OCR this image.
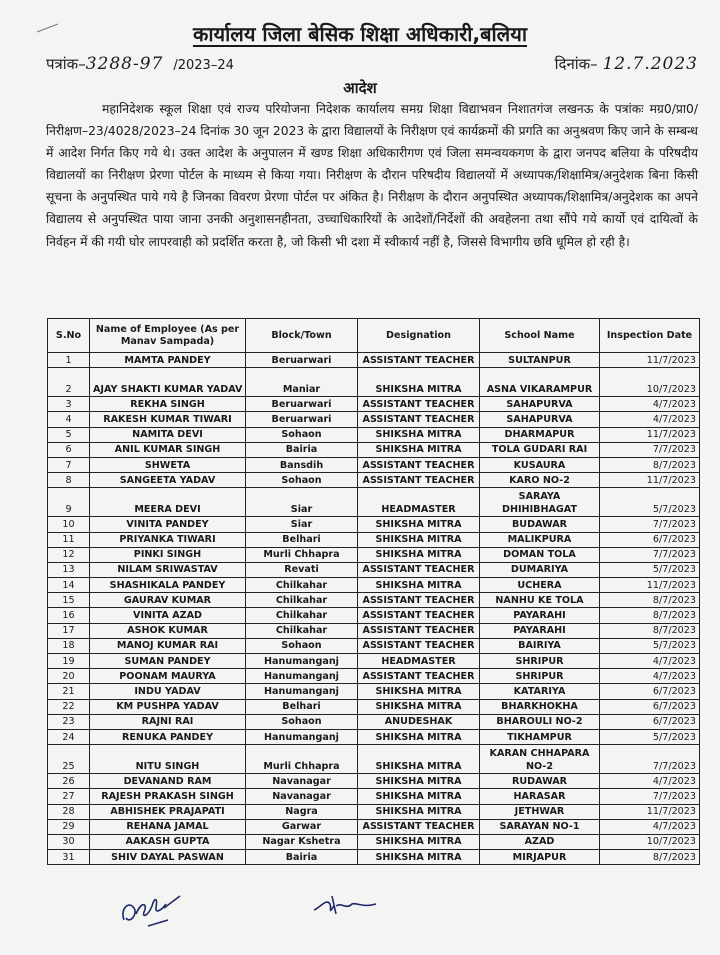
कार्यालय जिला बेसिक शिक्षा अधिकारी,बलिया
पत्रांक–3288-97 /2023–24	दिनांक– 12.7.2023
आदेश
महानिदेशक स्कूल शिक्षा एवं राज्य परियोजना निदेशक कार्यालय समग्र शिक्षा विद्याभवन निशातगंज लखनऊ के पत्रांकः मग्र0/प्रा0/निरीक्षण–23/4028/2023–24 दिनांक 30 जून 2023 के द्वारा विद्यालयों के निरीक्षण एवं कार्यक्रमों की प्रगति का अनुश्रवण किए जाने के सम्बन्ध में आदेश निर्गत किए गये थे। उक्त आदेश के अनुपालन में खण्ड शिक्षा अधिकारीगण एवं जिला समन्वयकगण के द्वारा जनपद बलिया के परिषदीय विद्यालयों का निरीक्षण प्रेरणा पोर्टल के माध्यम से किया गया। निरीक्षण के दौरान परिषदीय विद्यालयों में अध्यापक/शिक्षामित्र/अनुदेशक बिना किसी सूचना के अनुपस्थित पाये गये है जिनका विवरण प्रेरणा पोर्टल पर अंकित है। निरीक्षण के दौरान अनुपस्थित अध्यापक/शिक्षामित्र/अनुदेशक का अपने विद्यालय से अनुपस्थित पाया जाना उनकी अनुशासनहीनता, उच्चाधिकारियों के आदेशों/निर्देशों की अवहेलना तथा सौंपे गये कार्यो एवं दायित्वों के निर्वहन में की गयी घोर लापरवाही को प्रदर्शित करता है, जो किसी भी दशा में स्वीकार्य नहीं है, जिससे विभागीय छवि धूमिल हो रही है।
S.No	Name of Employee (As per Manav Sampada)	Block/Town	Designation	School Name	Inspection Date
1	MAMTA PANDEY	Beruarwari	ASSISTANT TEACHER	SULTANPUR	11/7/2023
2	AJAY SHAKTI KUMAR YADAV	Maniar	SHIKSHA MITRA	ASNA VIKARAMPUR	10/7/2023
3	REKHA SINGH	Beruarwari	ASSISTANT TEACHER	SAHAPURVA	4/7/2023
4	RAKESH KUMAR TIWARI	Beruarwari	ASSISTANT TEACHER	SAHAPURVA	4/7/2023
5	NAMITA DEVI	Sohaon	SHIKSHA MITRA	DHARMAPUR	11/7/2023
6	ANIL KUMAR SINGH	Bairia	SHIKSHA MITRA	TOLA GUDARI RAI	7/7/2023
7	SHWETA	Bansdih	ASSISTANT TEACHER	KUSAURA	8/7/2023
8	SANGEETA YADAV	Sohaon	ASSISTANT TEACHER	KARO NO-2	11/7/2023
9	MEERA DEVI	Siar	HEADMASTER	SARAYA DHIHIBHAGAT	5/7/2023
10	VINITA PANDEY	Siar	SHIKSHA MITRA	BUDAWAR	7/7/2023
11	PRIYANKA TIWARI	Belhari	SHIKSHA MITRA	MALIKPURA	6/7/2023
12	PINKI SINGH	Murli Chhapra	SHIKSHA MITRA	DOMAN TOLA	7/7/2023
13	NILAM SRIWASTAV	Revati	ASSISTANT TEACHER	DUMARIYA	5/7/2023
14	SHASHIKALA PANDEY	Chilkahar	SHIKSHA MITRA	UCHERA	11/7/2023
15	GAURAV KUMAR	Chilkahar	ASSISTANT TEACHER	NANHU KE TOLA	8/7/2023
16	VINITA AZAD	Chilkahar	ASSISTANT TEACHER	PAYARAHI	8/7/2023
17	ASHOK KUMAR	Chilkahar	ASSISTANT TEACHER	PAYARAHI	8/7/2023
18	MANOJ KUMAR RAI	Sohaon	ASSISTANT TEACHER	BAIRIYA	5/7/2023
19	SUMAN PANDEY	Hanumanganj	HEADMASTER	SHRIPUR	4/7/2023
20	POONAM MAURYA	Hanumanganj	ASSISTANT TEACHER	SHRIPUR	4/7/2023
21	INDU YADAV	Hanumanganj	SHIKSHA MITRA	KATARIYA	6/7/2023
22	KM PUSHPA YADAV	Belhari	SHIKSHA MITRA	BHARKHOKHA	6/7/2023
23	RAJNI RAI	Sohaon	ANUDESHAK	BHAROULI NO-2	6/7/2023
24	RENUKA PANDEY	Hanumanganj	SHIKSHA MITRA	TIKHAMPUR	5/7/2023
25	NITU SINGH	Murli Chhapra	SHIKSHA MITRA	KARAN CHHAPARA NO-2	7/7/2023
26	DEVANAND RAM	Navanagar	SHIKSHA MITRA	RUDAWAR	4/7/2023
27	RAJESH PRAKASH SINGH	Navanagar	SHIKSHA MITRA	HARASAR	7/7/2023
28	ABHISHEK PRAJAPATI	Nagra	SHIKSHA MITRA	JETHWAR	11/7/2023
29	REHANA JAMAL	Garwar	ASSISTANT TEACHER	SARAYAN NO-1	4/7/2023
30	AAKASH GUPTA	Nagar Kshetra	SHIKSHA MITRA	AZAD	10/7/2023
31	SHIV DAYAL PASWAN	Bairia	SHIKSHA MITRA	MIRJAPUR	8/7/2023
